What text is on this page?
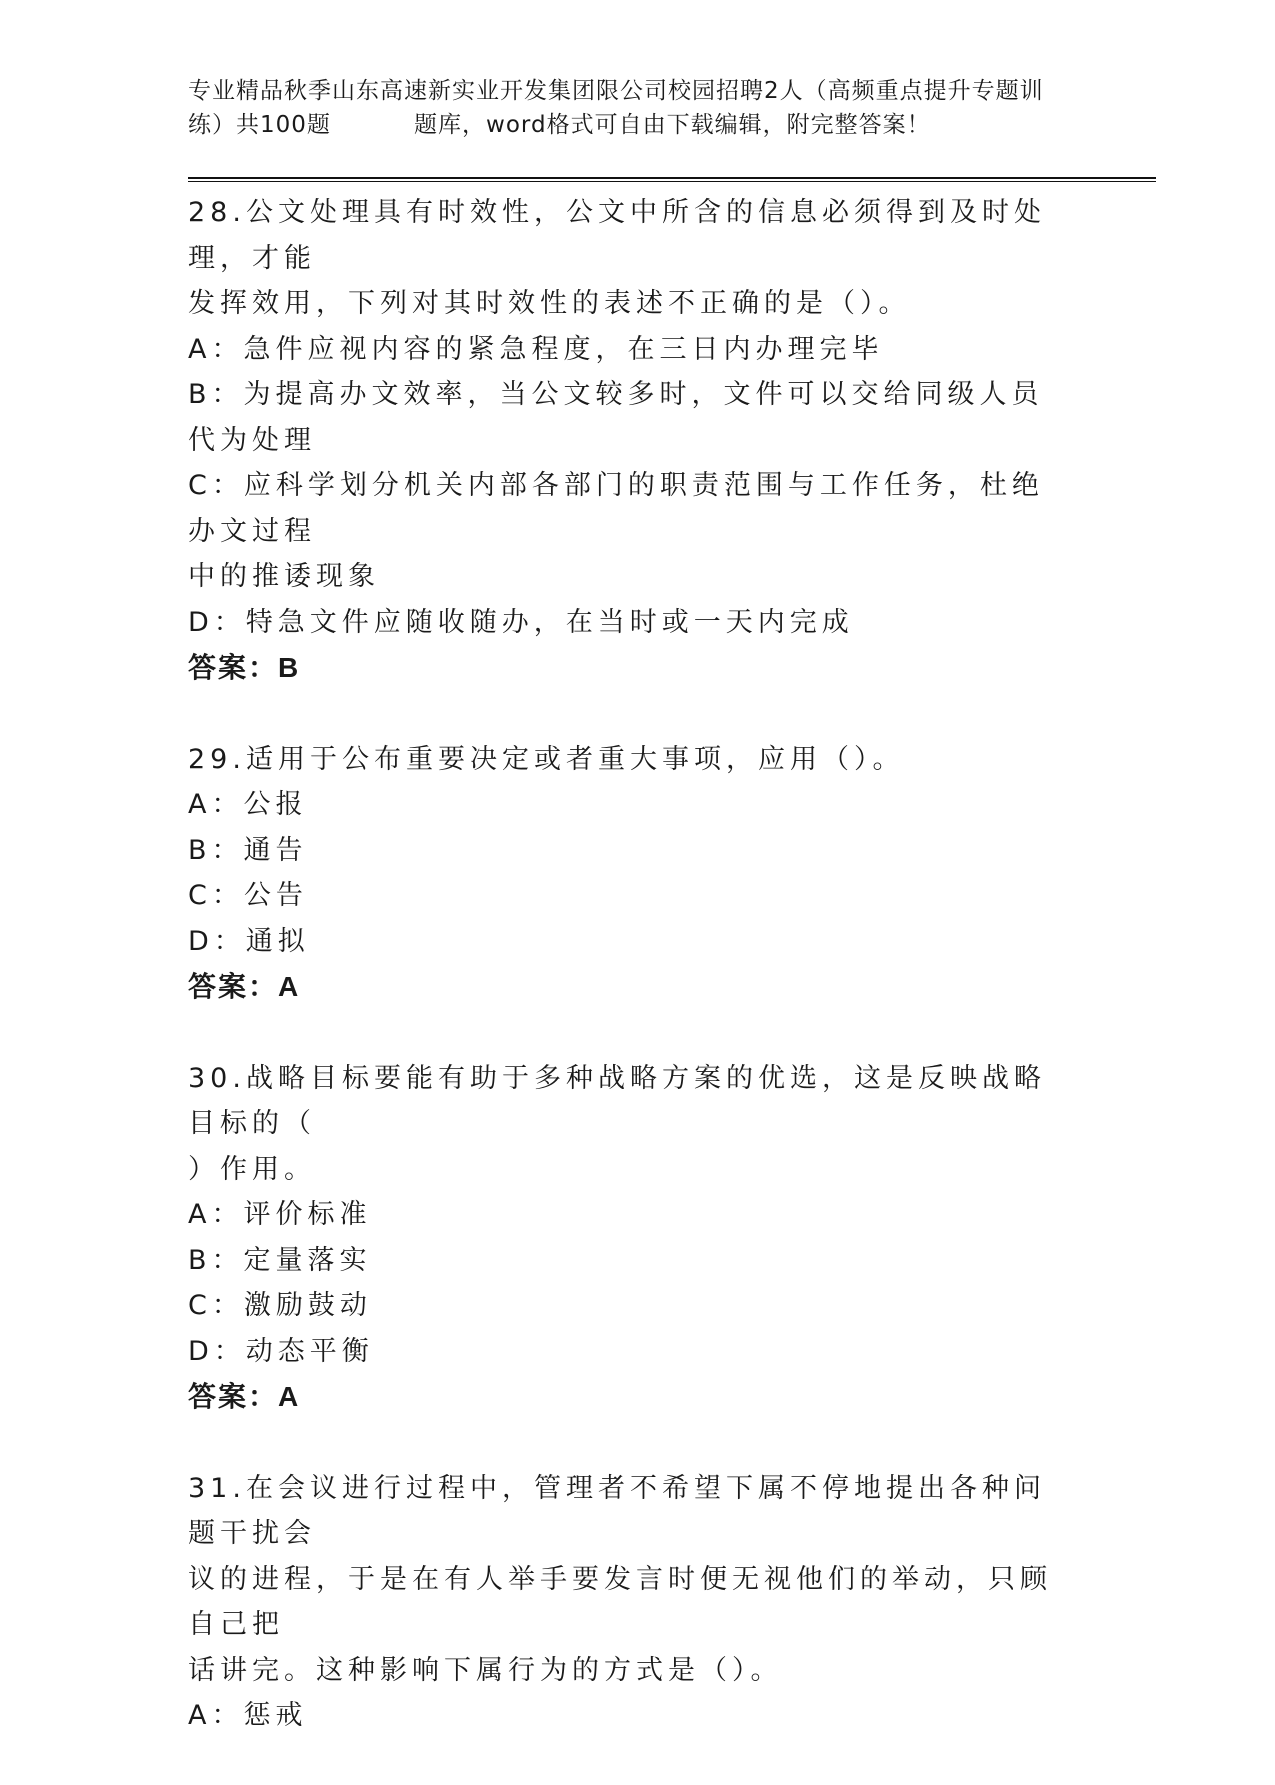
专业精品秋季山东高速新实业开发集团限公司校园招聘2人（高频重点提升专题训
练）共100题	题库，word格式可自由下载编辑，附完整答案！

28.公文处理具有时效性，公文中所含的信息必须得到及时处理，才能

发挥效用，下列对其时效性的表述不正确的是（）。

A：急件应视内容的紧急程度，在三日内办理完毕

B：为提高办文效率，当公文较多时，文件可以交给同级人员代为处理

C：应科学划分机关内部各部门的职责范围与工作任务，杜绝办文过程

中的推诿现象

D：特急文件应随收随办，在当时或一天内完成

答案：B

29.适用于公布重要决定或者重大事项，应用（）。

A：公报

B：通告

C：公告

D：通拟

答案：A

30.战略目标要能有助于多种战略方案的优选，这是反映战略目标的（

）作用。

A：评价标准

B：定量落实

C：激励鼓动

D：动态平衡

答案：A

31.在会议进行过程中，管理者不希望下属不停地提出各种问题干扰会

议的进程，于是在有人举手要发言时便无视他们的举动，只顾自己把

话讲完。这种影响下属行为的方式是（）。

A：惩戒
